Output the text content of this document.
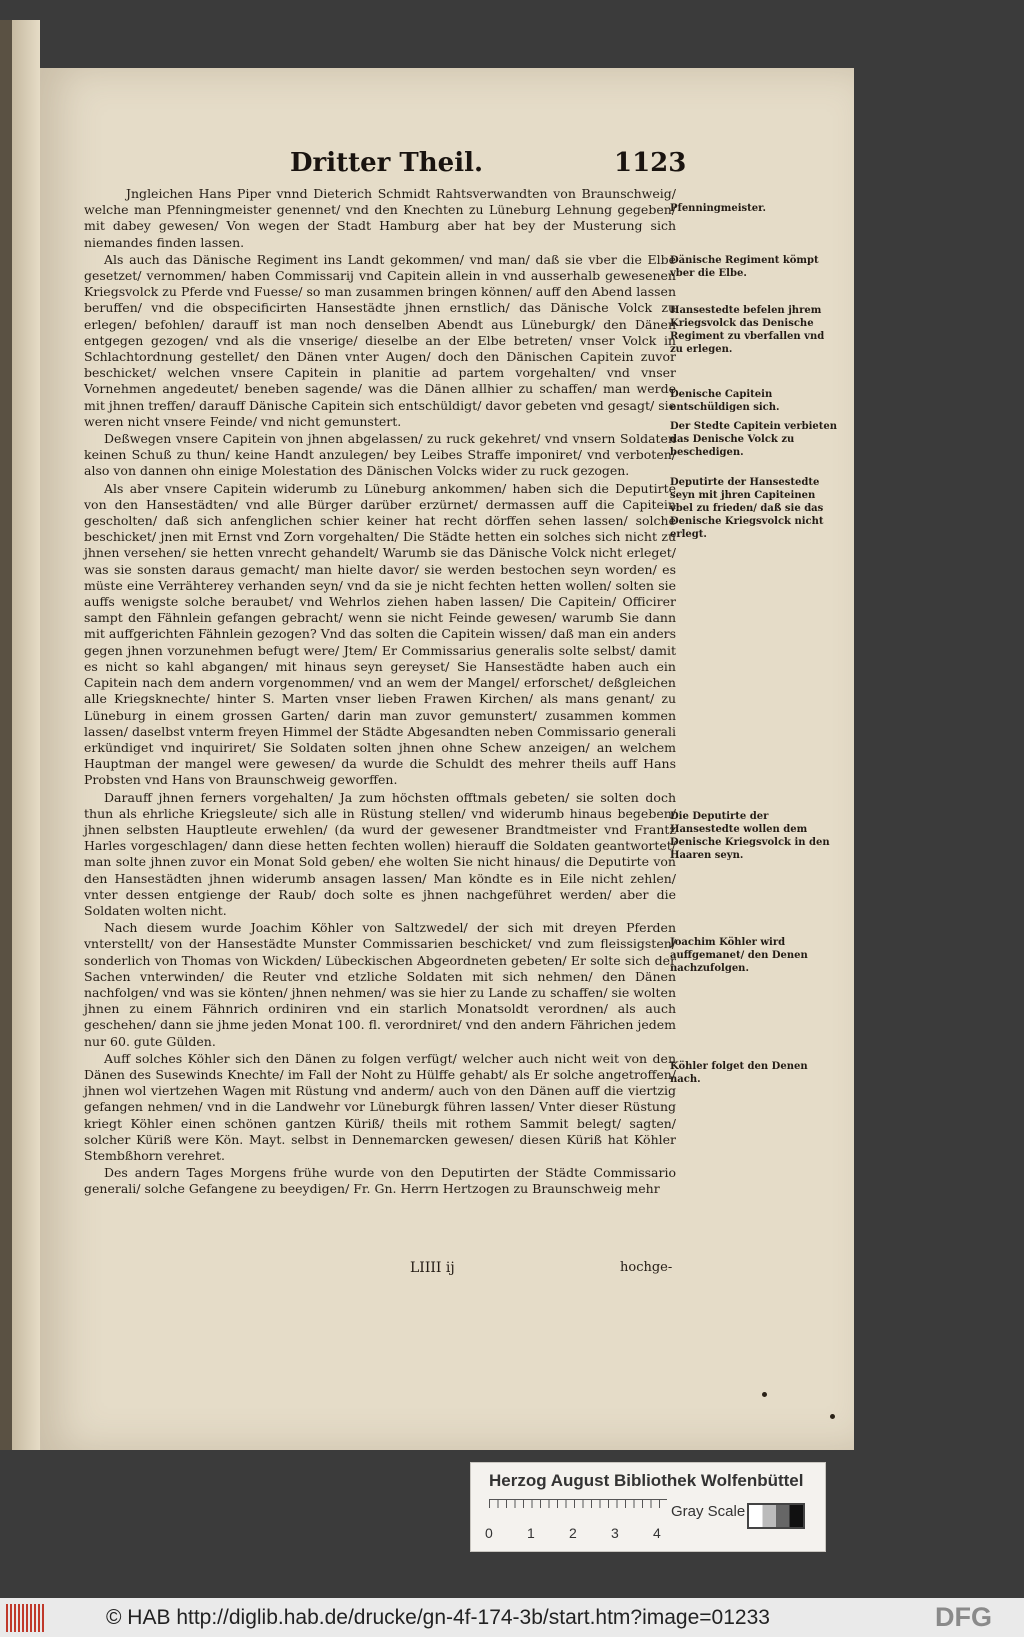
Dritter Theil.	1123

Jngleichen Hans Piper vnnd Dieterich Schmidt Rahtsverwandten von Braunschweig/ welche man Pfenningmeister genennet/ vnd den Knechten zu Lüneburg Lehnung gegeben/ mit dabey gewesen/ Von wegen der Stadt Hamburg aber hat bey der Musterung sich niemandes finden lassen.

Als auch das Dänische Regiment ins Landt gekommen/ vnd man/ daß sie vber die Elbe gesetzet/ vernommen/ haben Commissarij vnd Capitein allein in vnd ausserhalb gewesenen Kriegsvolck zu Pferde vnd Fuesse/ so man zusammen bringen können/ auff den Abend lassen beruffen/ vnd die obspecificirten Hansestädte jhnen ernstlich/ das Dänische Volck zu erlegen/ befohlen/ darauff ist man noch denselben Abendt aus Lüneburgk/ den Dänen entgegen gezogen/ vnd als die vnserige/ dieselbe an der Elbe betreten/ vnser Volck in Schlachtordnung gestellet/ den Dänen vnter Augen/ doch den Dänischen Capitein zuvor beschicket/ welchen vnsere Capitein in planitie ad partem vorgehalten/ vnd vnser Vornehmen angedeutet/ beneben sagende/ was die Dänen allhier zu schaffen/ man werde mit jhnen treffen/ darauff Dänische Capitein sich entschüldigt/ davor gebeten vnd gesagt/ sie weren nicht vnsere Feinde/ vnd nicht gemunstert.

Deßwegen vnsere Capitein von jhnen abgelassen/ zu ruck gekehret/ vnd vnsern Soldaten keinen Schuß zu thun/ keine Handt anzulegen/ bey Leibes Straffe imponiret/ vnd verboten/ also von dannen ohn einige Molestation des Dänischen Volcks wider zu ruck gezogen.

Als aber vnsere Capitein widerumb zu Lüneburg ankommen/ haben sich die Deputirte von den Hansestädten/ vnd alle Bürger darüber erzürnet/ dermassen auff die Capitein gescholten/ daß sich anfenglichen schier keiner hat recht dörffen sehen lassen/ solche beschicket/ jnen mit Ernst vnd Zorn vorgehalten/ Die Städte hetten ein solches sich nicht zu jhnen versehen/ sie hetten vnrecht gehandelt/ Warumb sie das Dänische Volck nicht erleget/ was sie sonsten daraus gemacht/ man hielte davor/ sie werden bestochen seyn worden/ es müste eine Verrähterey verhanden seyn/ vnd da sie je nicht fechten hetten wollen/ solten sie auffs wenigste solche beraubet/ vnd Wehrlos ziehen haben lassen/ Die Capitein/ Officirer sampt den Fähnlein gefangen gebracht/ wenn sie nicht Feinde gewesen/ warumb Sie dann mit auffgerichten Fähnlein gezogen? Vnd das solten die Capitein wissen/ daß man ein anders gegen jhnen vorzunehmen befugt were/ Jtem/ Er Commissarius generalis solte selbst/ damit es nicht so kahl abgangen/ mit hinaus seyn gereyset/ Sie Hansestädte haben auch ein Capitein nach dem andern vorgenommen/ vnd an wem der Mangel/ erforschet/ deßgleichen alle Kriegsknechte/ hinter S. Marten vnser lieben Frawen Kirchen/ als mans genant/ zu Lüneburg in einem grossen Garten/ darin man zuvor gemunstert/ zusammen kommen lassen/ daselbst vnterm freyen Himmel der Städte Abgesandten neben Commissario generali erkündiget vnd inquiriret/ Sie Soldaten solten jhnen ohne Schew anzeigen/ an welchem Hauptman der mangel were gewesen/ da wurde die Schuldt des mehrer theils auff Hans Probsten vnd Hans von Braunschweig geworffen.

Darauff jhnen ferners vorgehalten/ Ja zum höchsten offtmals gebeten/ sie solten doch thun als ehrliche Kriegsleute/ sich alle in Rüstung stellen/ vnd widerumb hinaus begeben/ jhnen selbsten Hauptleute erwehlen/ (da wurd der gewesener Brandtmeister vnd Frantz Harles vorgeschlagen/ dann diese hetten fechten wollen) hierauff die Soldaten geantwortet/ man solte jhnen zuvor ein Monat Sold geben/ ehe wolten Sie nicht hinaus/ die Deputirte von den Hansestädten jhnen widerumb ansagen lassen/ Man köndte es in Eile nicht zehlen/ vnter dessen entgienge der Raub/ doch solte es jhnen nachgeführet werden/ aber die Soldaten wolten nicht.

Nach diesem wurde Joachim Köhler von Saltzwedel/ der sich mit dreyen Pferden vnterstellt/ von der Hansestädte Munster Commissarien beschicket/ vnd zum fleissigsten/ sonderlich von Thomas von Wickden/ Lübeckischen Abgeordneten gebeten/ Er solte sich der Sachen vnterwinden/ die Reuter vnd etzliche Soldaten mit sich nehmen/ den Dänen nachfolgen/ vnd was sie könten/ jhnen nehmen/ was sie hier zu Lande zu schaffen/ sie wolten jhnen zu einem Fähnrich ordiniren vnd ein starlich Monatsoldt verordnen/ als auch geschehen/ dann sie jhme jeden Monat 100. fl. verordniret/ vnd den andern Fährichen jedem nur 60. gute Gülden.

Auff solches Köhler sich den Dänen zu folgen verfügt/ welcher auch nicht weit von den Dänen des Susewinds Knechte/ im Fall der Noht zu Hülffe gehabt/ als Er solche angetroffen/ jhnen wol viertzehen Wagen mit Rüstung vnd anderm/ auch von den Dänen auff die viertzig gefangen nehmen/ vnd in die Landwehr vor Lüneburgk führen lassen/ Vnter dieser Rüstung kriegt Köhler einen schönen gantzen Küriß/ theils mit rothem Sammit belegt/ sagten/ solcher Küriß were Kön. Mayt. selbst in Dennemarcken gewesen/ diesen Küriß hat Köhler Stembßhorn verehret.

Des andern Tages Morgens frühe wurde von den Deputirten der Städte Commissario generali/ solche Gefangene zu beeydigen/ Fr. Gn. Herrn Hertzogen zu Braunschweig mehr

Pfenningmeister.
Dänische Regiment kömpt vber die Elbe.
Hansestedte befelen jhrem Kriegsvolck das Denische Regiment zu vberfallen vnd zu erlegen.
Denische Capitein entschüldigen sich.
Der Stedte Capitein verbieten das Denische Volck zu beschedigen.
Deputirte der Hansestedte seyn mit jhren Capiteinen vbel zu frieden/ daß sie das Denische Kriegsvolck nicht erlegt.
Die Deputirte der Hansestedte wollen dem Denische Kriegsvolck in den Haaren seyn.
Joachim Köhler wird auffgemanet/ den Denen nachzufolgen.
Köhler folget den Denen nach.
LIIII ij	hochge-
Herzog August Bibliothek Wolfenbüttel
0 1 2 3 4
Gray Scale
© HAB http://diglib.hab.de/drucke/gn-4f-174-3b/start.htm?image=01233	DFG
